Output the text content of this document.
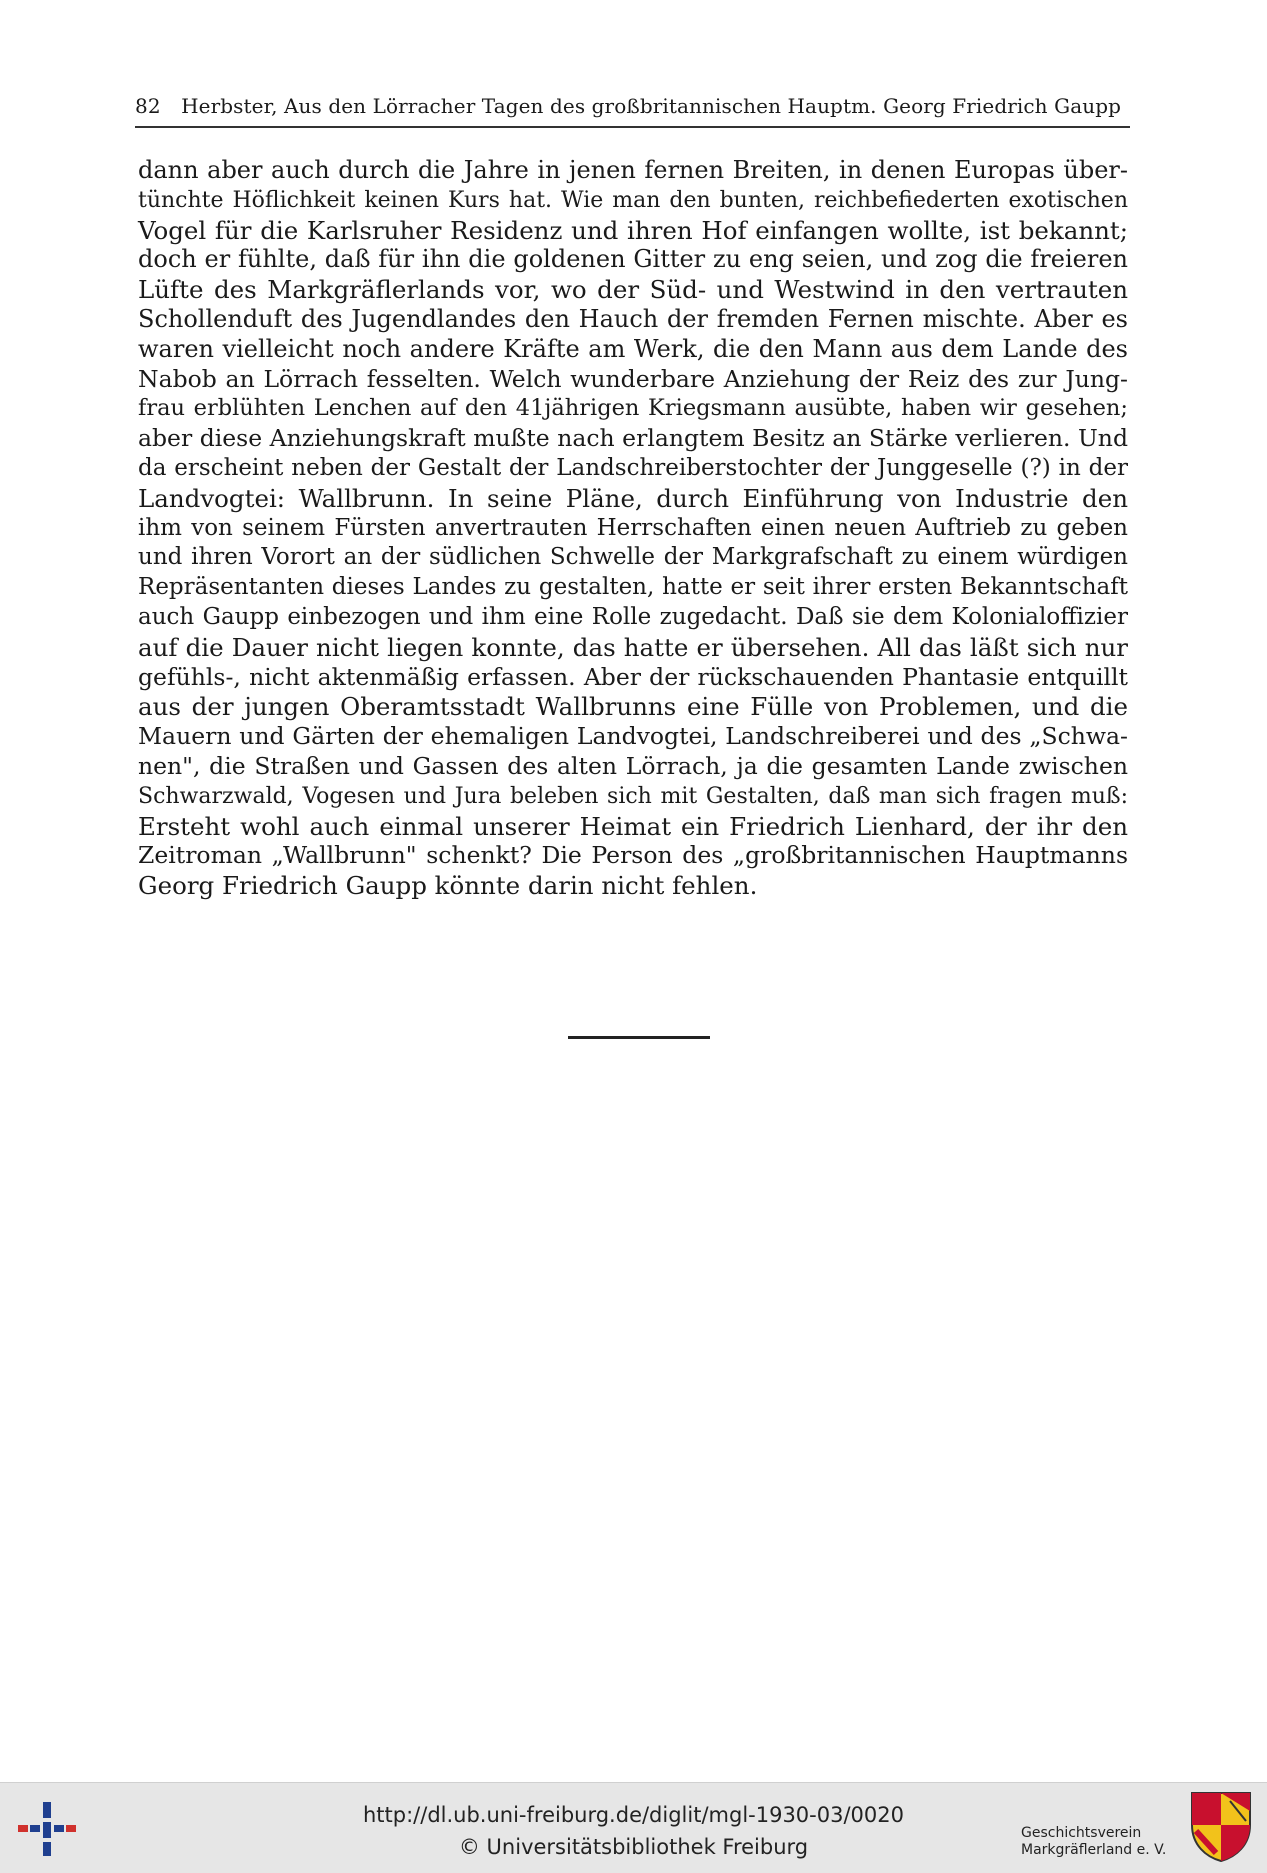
82 Herbster, Aus den Lörracher Tagen des großbritannischen Hauptm. Georg Friedrich Gaupp
dann aber auch durch die Jahre in jenen fernen Breiten, in denen Europas über-
tünchte Höflichkeit keinen Kurs hat. Wie man den bunten, reichbefiederten exotischen
Vogel für die Karlsruher Residenz und ihren Hof einfangen wollte, ist bekannt;
doch er fühlte, daß für ihn die goldenen Gitter zu eng seien, und zog die freieren
Lüfte des Markgräflerlands vor, wo der Süd- und Westwind in den vertrauten
Schollenduft des Jugendlandes den Hauch der fremden Fernen mischte. Aber es
waren vielleicht noch andere Kräfte am Werk, die den Mann aus dem Lande des
Nabob an Lörrach fesselten. Welch wunderbare Anziehung der Reiz des zur Jung-
frau erblühten Lenchen auf den 41jährigen Kriegsmann ausübte, haben wir gesehen;
aber diese Anziehungskraft mußte nach erlangtem Besitz an Stärke verlieren. Und
da erscheint neben der Gestalt der Landschreiberstochter der Junggeselle (?) in der
Landvogtei: Wallbrunn. In seine Pläne, durch Einführung von Industrie den
ihm von seinem Fürsten anvertrauten Herrschaften einen neuen Auftrieb zu geben
und ihren Vorort an der südlichen Schwelle der Markgrafschaft zu einem würdigen
Repräsentanten dieses Landes zu gestalten, hatte er seit ihrer ersten Bekanntschaft
auch Gaupp einbezogen und ihm eine Rolle zugedacht. Daß sie dem Kolonialoffizier
auf die Dauer nicht liegen konnte, das hatte er übersehen. All das läßt sich nur
gefühls-, nicht aktenmäßig erfassen. Aber der rückschauenden Phantasie entquillt
aus der jungen Oberamtsstadt Wallbrunns eine Fülle von Problemen, und die
Mauern und Gärten der ehemaligen Landvogtei, Landschreiberei und des „Schwa-
nen", die Straßen und Gassen des alten Lörrach, ja die gesamten Lande zwischen
Schwarzwald, Vogesen und Jura beleben sich mit Gestalten, daß man sich fragen muß:
Ersteht wohl auch einmal unserer Heimat ein Friedrich Lienhard, der ihr den
Zeitroman „Wallbrunn" schenkt? Die Person des „großbritannischen Hauptmanns
Georg Friedrich Gaupp könnte darin nicht fehlen.
http://dl.ub.uni-freiburg.de/diglit/mgl-1930-03/0020
© Universitätsbibliothek Freiburg
Geschichtsverein
Markgräflerland e. V.
